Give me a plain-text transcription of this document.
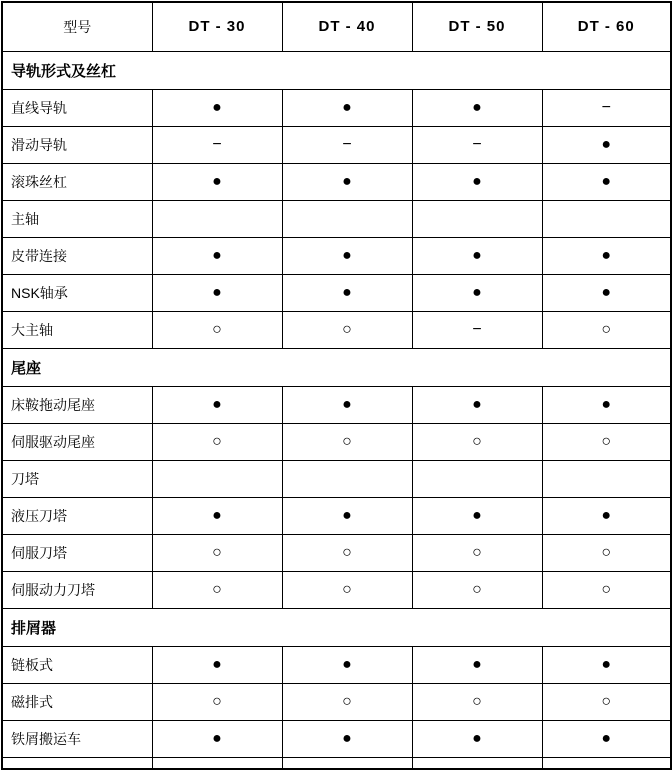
型号	DT - 30	DT - 40	DT - 50	DT - 60
导轨形式及丝杠				
直线导轨	●	●	●	−
滑动导轨	−	−	−	●
滚珠丝杠	●	●	●	●
主轴				
皮带连接	●	●	●	●
NSK轴承	●	●	●	●
大主轴	○	○	−	○
尾座				
床鞍拖动尾座	●	●	●	●
伺服驱动尾座	○	○	○	○
刀塔				
液压刀塔	●	●	●	●
伺服刀塔	○	○	○	○
伺服动力刀塔	○	○	○	○
排屑器				
链板式	●	●	●	●
磁排式	○	○	○	○
铁屑搬运车	●	●	●	●
